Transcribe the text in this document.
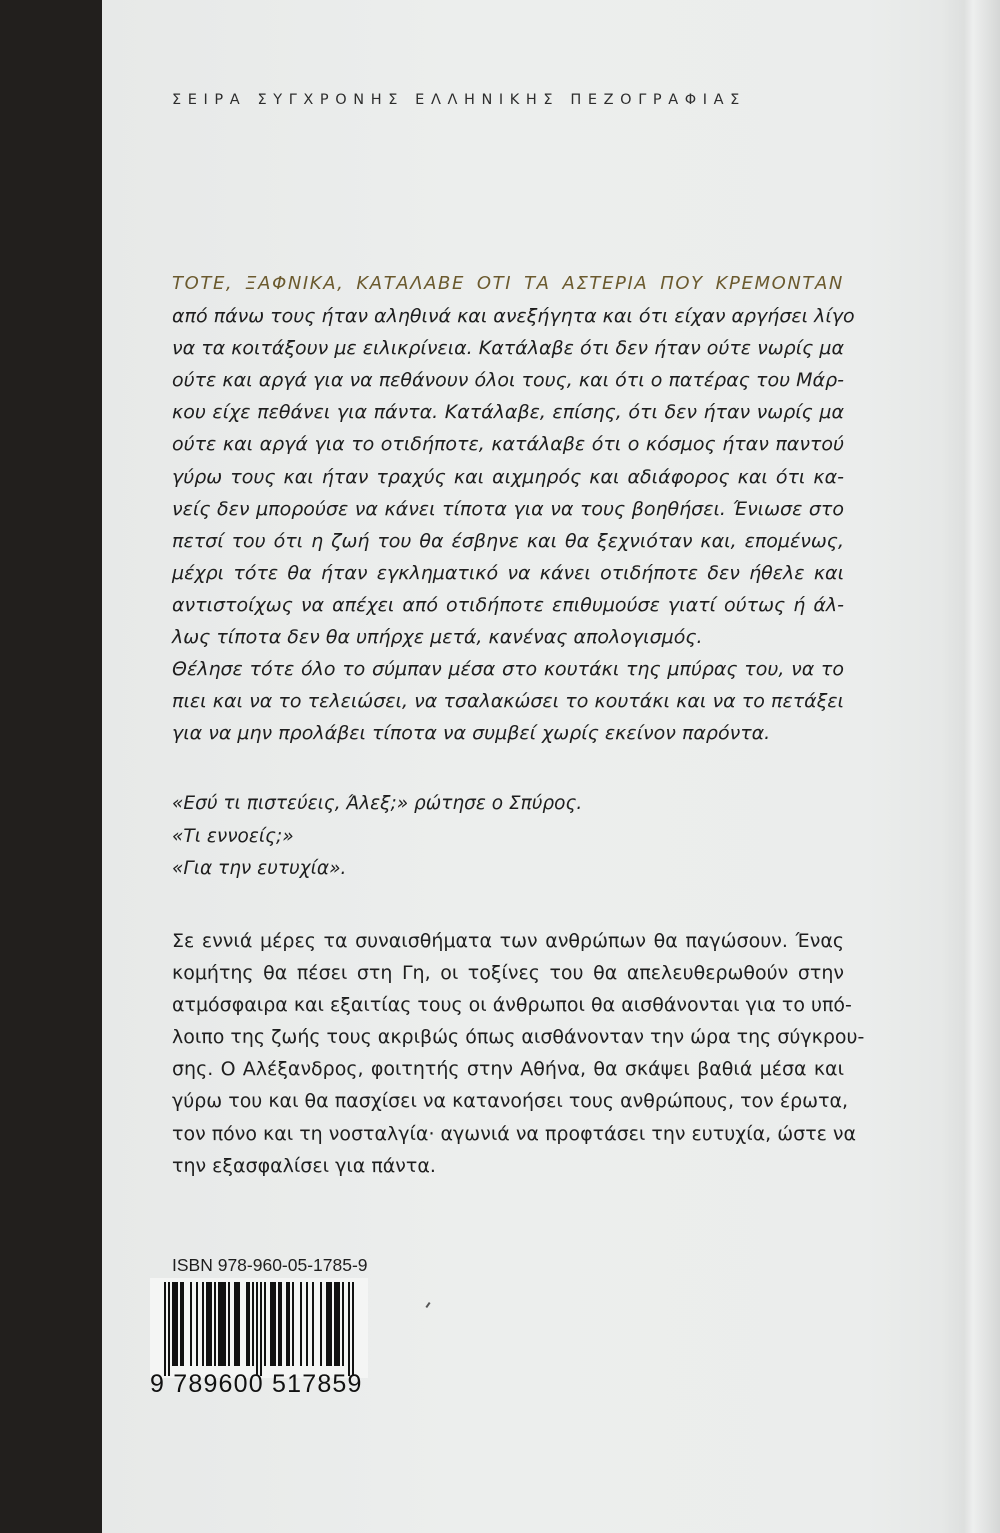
ΣΕΙΡΑ ΣΥΓΧΡΟΝΗΣ ΕΛΛΗΝΙΚΗΣ ΠΕΖΟΓΡΑΦΙΑΣ
ΤΟΤΕ, ΞΑΦΝΙΚΑ, ΚΑΤΑΛΑΒΕ ΟΤΙ ΤΑ ΑΣΤΕΡΙΑ ΠΟΥ ΚΡΕΜΟΝΤΑΝ
από πάνω τους ήταν αληθινά και ανεξήγητα και ότι είχαν αργήσει λίγο
να τα κοιτάξουν με ειλικρίνεια. Κατάλαβε ότι δεν ήταν ούτε νωρίς μα
ούτε και αργά για να πεθάνουν όλοι τους, και ότι ο πατέρας του Μάρ-
κου είχε πεθάνει για πάντα. Κατάλαβε, επίσης, ότι δεν ήταν νωρίς μα
ούτε και αργά για το οτιδήποτε, κατάλαβε ότι ο κόσμος ήταν παντού
γύρω τους και ήταν τραχύς και αιχμηρός και αδιάφορος και ότι κα-
νείς δεν μπορούσε να κάνει τίποτα για να τους βοηθήσει. Ένιωσε στο
πετσί του ότι η ζωή του θα έσβηνε και θα ξεχνιόταν και, επομένως,
μέχρι τότε θα ήταν εγκληματικό να κάνει οτιδήποτε δεν ήθελε και
αντιστοίχως να απέχει από οτιδήποτε επιθυμούσε γιατί ούτως ή άλ-
λως τίποτα δεν θα υπήρχε μετά, κανένας απολογισμός.
Θέλησε τότε όλο το σύμπαν μέσα στο κουτάκι της μπύρας του, να το
πιει και να το τελειώσει, να τσαλακώσει το κουτάκι και να το πετάξει
για να μην προλάβει τίποτα να συμβεί χωρίς εκείνον παρόντα.
«Εσύ τι πιστεύεις, Άλεξ;» ρώτησε ο Σπύρος.
«Τι εννοείς;»
«Για την ευτυχία».
Σε εννιά μέρες τα συναισθήματα των ανθρώπων θα παγώσουν. Ένας
κομήτης θα πέσει στη Γη, οι τοξίνες του θα απελευθερωθούν στην
ατμόσφαιρα και εξαιτίας τους οι άνθρωποι θα αισθάνονται για το υπό-
λοιπο της ζωής τους ακριβώς όπως αισθάνονταν την ώρα της σύγκρου-
σης. Ο Αλέξανδρος, φοιτητής στην Αθήνα, θα σκάψει βαθιά μέσα και
γύρω του και θα πασχίσει να κατανοήσει τους ανθρώπους, τον έρωτα,
τον πόνο και τη νοσταλγία· αγωνιά να προφτάσει την ευτυχία, ώστε να
την εξασφαλίσει για πάντα.
ISBN 978-960-05-1785-9
9 789600 517859
